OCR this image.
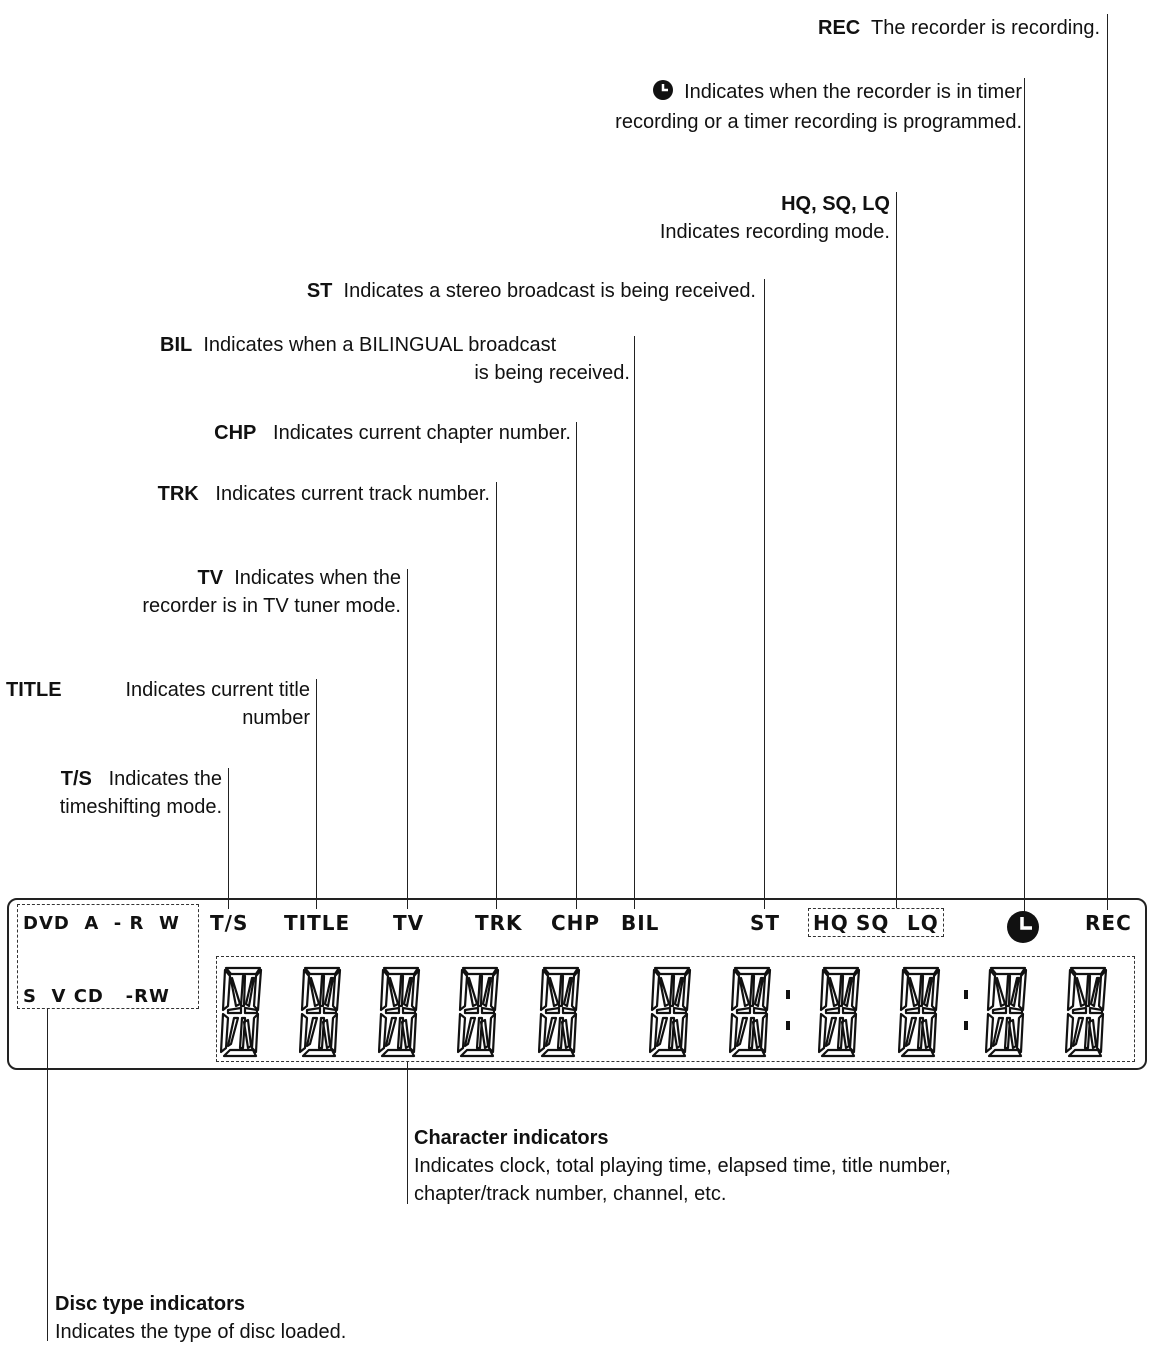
REC The recorder is recording.
Indicates when the recorder is in timer
recording or a timer recording is programmed.
HQ, SQ, LQ
Indicates recording mode.
ST Indicates a stereo broadcast is being received.
BIL Indicates when a BILINGUAL broadcast
is being received.
CHP Indicates current chapter number.
TRK Indicates current track number.
TV Indicates when the
recorder is in TV tuner mode.
TITLE	Indicates current title
number
T/S Indicates the
timeshifting mode.
Character indicators
Indicates clock, total playing time, elapsed time, title number,
chapter/track number, channel, etc.
Disc type indicators
Indicates the type of disc loaded.
DVD  A  - R  W
S  V CD   -RW
T/S TITLE TV	TRK CHP BIL	ST HQ SQ LQ	REC
